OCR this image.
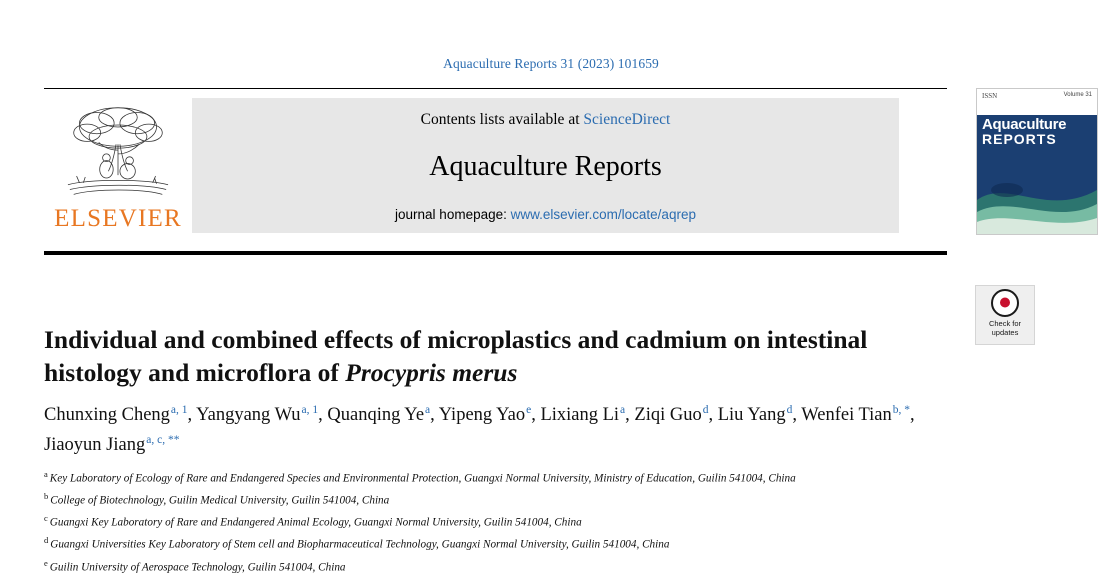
Aquaculture Reports 31 (2023) 101659
ELSEVIER
Contents lists available at ScienceDirect
Aquaculture Reports
journal homepage: www.elsevier.com/locate/aqrep
ISSN	Volume 31
Aquaculture
REPORTS
Check for
updates
Individual and combined effects of microplastics and cadmium on intestinal histology and microflora of Procypris merus
Chunxing Cheng$^{a, 1}$, Yangyang Wu$^{a, 1}$, Quanqing Ye$^a$, Yipeng Yao$^e$, Lixiang Li$^a$, Ziqi Guo$^d$, Liu Yang$^d$, Wenfei Tian$^{b, *}$, Jiaoyun Jiang$^{a, c, **}$
$^a$ Key Laboratory of Ecology of Rare and Endangered Species and Environmental Protection, Guangxi Normal University, Ministry of Education, Guilin 541004, China
$^b$ College of Biotechnology, Guilin Medical University, Guilin 541004, China
$^c$ Guangxi Key Laboratory of Rare and Endangered Animal Ecology, Guangxi Normal University, Guilin 541004, China
$^d$ Guangxi Universities Key Laboratory of Stem cell and Biopharmaceutical Technology, Guangxi Normal University, Guilin 541004, China
$^e$ Guilin University of Aerospace Technology, Guilin 541004, China
